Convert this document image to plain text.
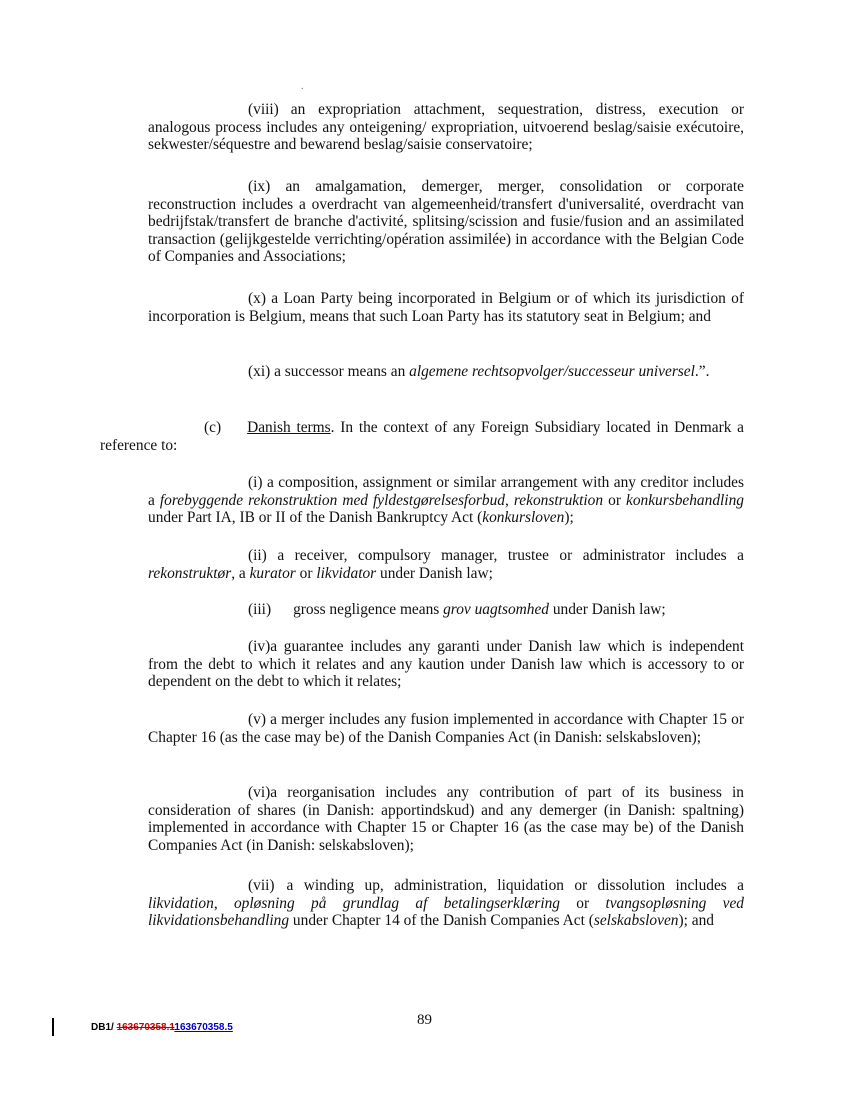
.

(viii) an expropriation attachment, sequestration, distress, execution or analogous process includes any onteigening/ expropriation, uitvoerend beslag/saisie exécutoire, sekwester/séquestre and bewarend beslag/saisie conservatoire;

(ix) an amalgamation, demerger, merger, consolidation or corporate reconstruction includes a overdracht van algemeenheid/transfert d'universalité, overdracht van bedrijfstak/transfert de branche d'activité, splitsing/scission and fusie/fusion and an assimilated transaction (gelijkgestelde verrichting/opération assimilée) in accordance with the Belgian Code of Companies and Associations;

(x) a Loan Party being incorporated in Belgium or of which its jurisdiction of incorporation is Belgium, means that such Loan Party has its statutory seat in Belgium; and

(xi) a successor means an algemene rechtsopvolger/successeur universel.”.

(c) Danish terms. In the context of any Foreign Subsidiary located in Denmark a reference to:

(i) a composition, assignment or similar arrangement with any creditor includes a forebyggende rekonstruktion med fyldestgørelsesforbud, rekonstruktion or konkursbehandling under Part IA, IB or II of the Danish Bankruptcy Act (konkursloven);

(ii) a receiver, compulsory manager, trustee or administrator includes a rekonstruktør, a kurator or likvidator under Danish law;

(iii) gross negligence means grov uagtsomhed under Danish law;

(iv)a guarantee includes any garanti under Danish law which is independent from the debt to which it relates and any kaution under Danish law which is accessory to or dependent on the debt to which it relates;

(v) a merger includes any fusion implemented in accordance with Chapter 15 or Chapter 16 (as the case may be) of the Danish Companies Act (in Danish: selskabsloven);

(vi)a reorganisation includes any contribution of part of its business in consideration of shares (in Danish: apportindskud) and any demerger (in Danish: spaltning) implemented in accordance with Chapter 15 or Chapter 16 (as the case may be) of the Danish Companies Act (in Danish: selskabsloven);

(vii) a winding up, administration, liquidation or dissolution includes a likvidation, opløsning på grundlag af betalingserklæring or tvangsopløsning ved likvidationsbehandling under Chapter 14 of the Danish Companies Act (selskabsloven); and

DB1/ 163670358.1163670358.5	89
